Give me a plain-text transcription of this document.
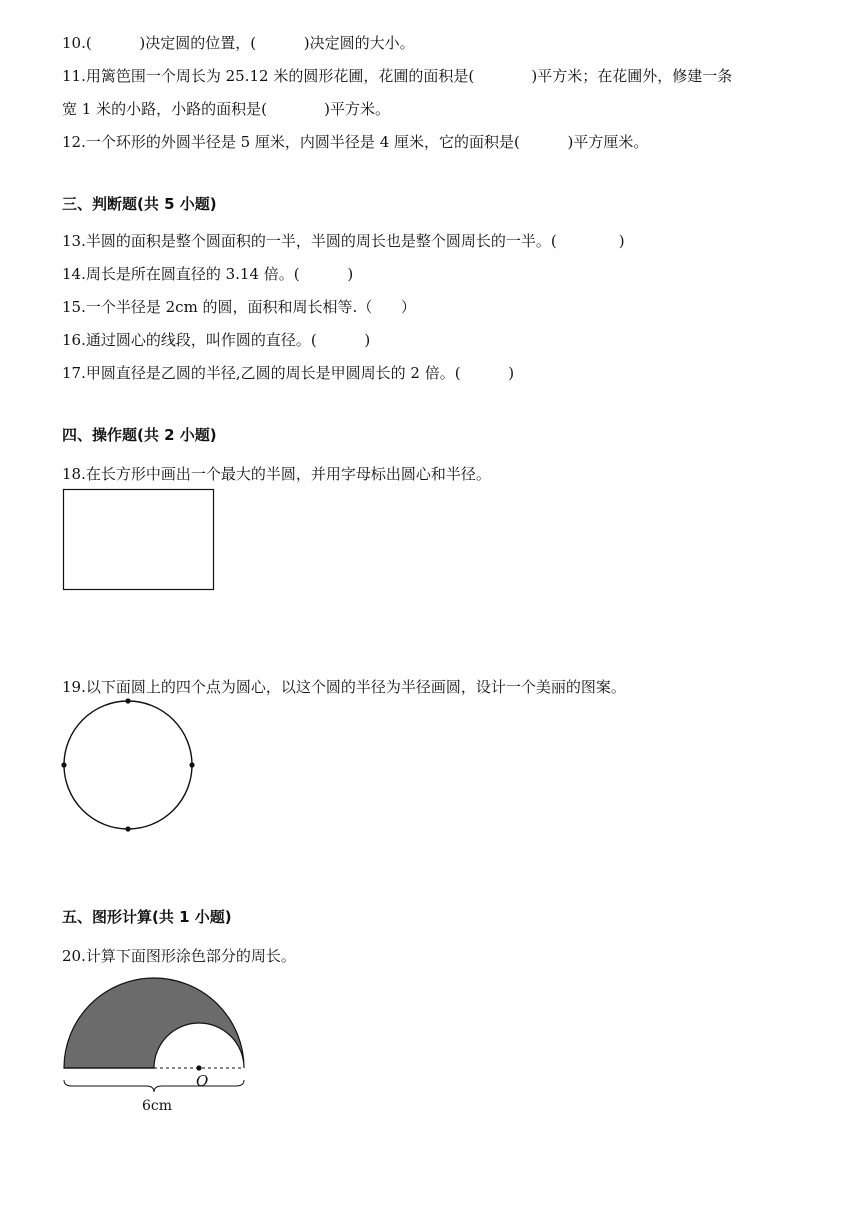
10.(          )决定圆的位置，(          )决定圆的大小。
11.用篱笆围一个周长为 25.12 米的圆形花圃，花圃的面积是(            )平方米；在花圃外，修建一条
宽 1 米的小路，小路的面积是(            )平方米。
12.一个环形的外圆半径是 5 厘米，内圆半径是 4 厘米，它的面积是(          )平方厘米。
三、判断题(共 5 小题)
13.半圆的面积是整个圆面积的一半，半圆的周长也是整个圆周长的一半。(             )
14.周长是所在圆直径的 3.14 倍。(          )
15.一个半径是 2cm 的圆，面积和周长相等.（      ）
16.通过圆心的线段，叫作圆的直径。(          )
17.甲圆直径是乙圆的半径,乙圆的周长是甲圆周长的 2 倍。(          )
四、操作题(共 2 小题)
18.在长方形中画出一个最大的半圆，并用字母标出圆心和半径。
19.以下面圆上的四个点为圆心，以这个圆的半径为半径画圆，设计一个美丽的图案。
五、图形计算(共 1 小题)
20.计算下面图形涂色部分的周长。
O
6cm
